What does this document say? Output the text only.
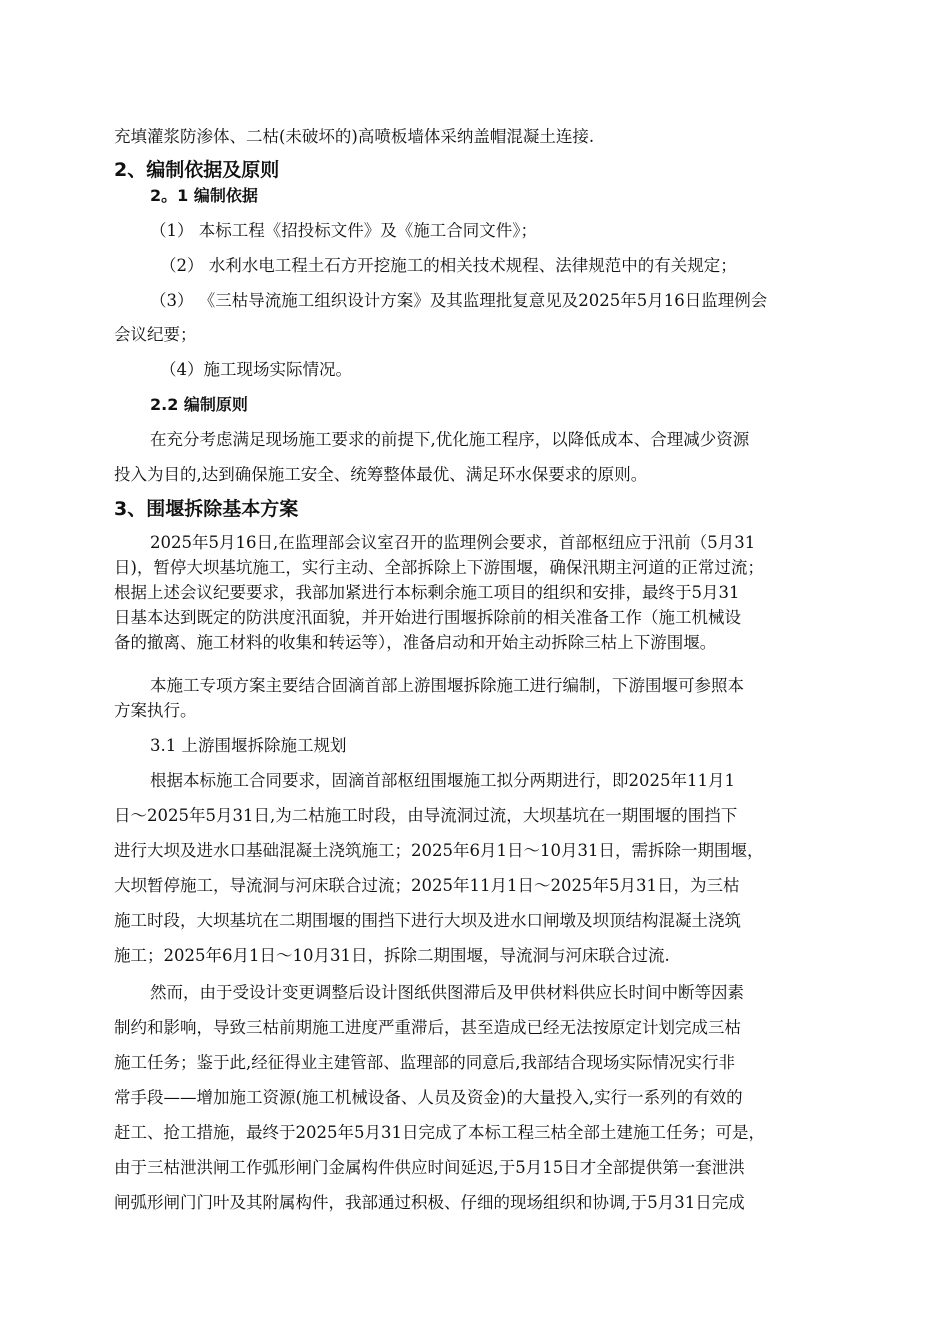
充填灌浆防渗体、二枯(未破坏的)高喷板墙体采纳盖帽混凝土连接.
2、编制依据及原则
2。1 编制依据
（1） 本标工程《招投标文件》及《施工合同文件》；
（2） 水利水电工程土石方开挖施工的相关技术规程、法律规范中的有关规定；
（3） 《三枯导流施工组织设计方案》及其监理批复意见及2025年5月16日监理例会
会议纪要；
（4）施工现场实际情况。
2.2 编制原则
在充分考虑满足现场施工要求的前提下,优化施工程序，以降低成本、合理减少资源
投入为目的,达到确保施工安全、统筹整体最优、满足环水保要求的原则。
3、围堰拆除基本方案
2025年5月16日,在监理部会议室召开的监理例会要求，首部枢纽应于汛前（5月31
日)，暂停大坝基坑施工，实行主动、全部拆除上下游围堰，确保汛期主河道的正常过流；
根据上述会议纪要要求，我部加紧进行本标剩余施工项目的组织和安排，最终于5月31
日基本达到既定的防洪度汛面貌，并开始进行围堰拆除前的相关准备工作（施工机械设
备的撤离、施工材料的收集和转运等），准备启动和开始主动拆除三枯上下游围堰。
本施工专项方案主要结合固滴首部上游围堰拆除施工进行编制，下游围堰可参照本
方案执行。
3.1 上游围堰拆除施工规划
根据本标施工合同要求，固滴首部枢纽围堰施工拟分两期进行，即2025年11月1
日～2025年5月31日,为二枯施工时段，由导流洞过流，大坝基坑在一期围堰的围挡下
进行大坝及进水口基础混凝土浇筑施工；2025年6月1日～10月31日，需拆除一期围堰，
大坝暂停施工，导流洞与河床联合过流；2025年11月1日～2025年5月31日，为三枯
施工时段，大坝基坑在二期围堰的围挡下进行大坝及进水口闸墩及坝顶结构混凝土浇筑
施工；2025年6月1日～10月31日，拆除二期围堰，导流洞与河床联合过流.
然而，由于受设计变更调整后设计图纸供图滞后及甲供材料供应长时间中断等因素
制约和影响，导致三枯前期施工进度严重滞后，甚至造成已经无法按原定计划完成三枯
施工任务；鉴于此,经征得业主建管部、监理部的同意后,我部结合现场实际情况实行非
常手段——增加施工资源(施工机械设备、人员及资金)的大量投入,实行一系列的有效的
赶工、抢工措施，最终于2025年5月31日完成了本标工程三枯全部土建施工任务；可是，
由于三枯泄洪闸工作弧形闸门金属构件供应时间延迟,于5月15日才全部提供第一套泄洪
闸弧形闸门门叶及其附属构件，我部通过积极、仔细的现场组织和协调,于5月31日完成
